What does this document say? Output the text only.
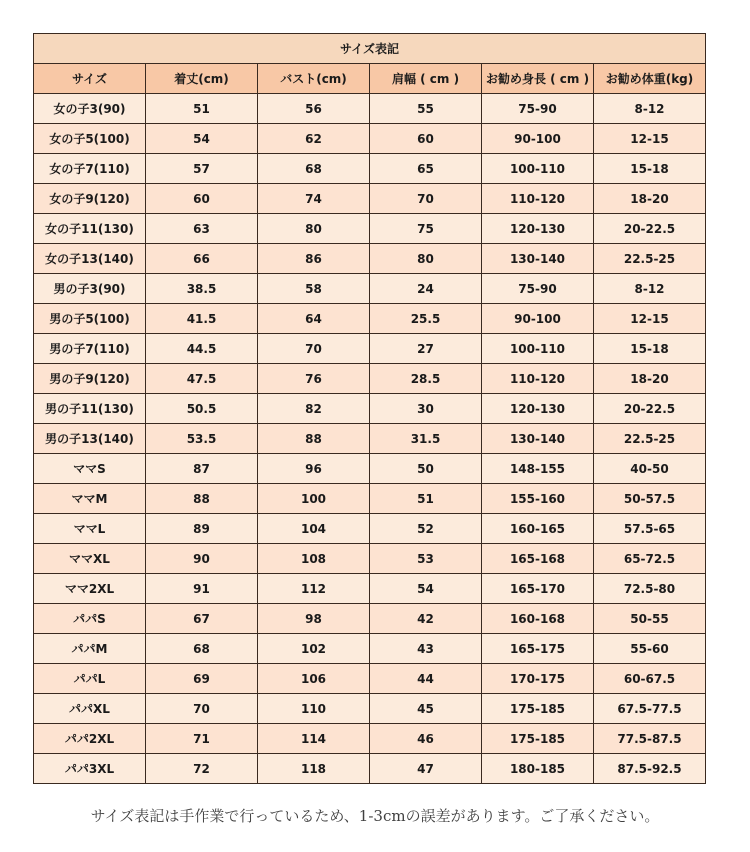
サイズ表記					
サイズ	着丈(cm)	バスト(cm)	肩幅 ( cm )	お勧め身長 ( cm )	お勧め体重(kg)
女の子3(90)	51	56	55	75-90	8-12
女の子5(100)	54	62	60	90-100	12-15
女の子7(110)	57	68	65	100-110	15-18
女の子9(120)	60	74	70	110-120	18-20
女の子11(130)	63	80	75	120-130	20-22.5
女の子13(140)	66	86	80	130-140	22.5-25
男の子3(90)	38.5	58	24	75-90	8-12
男の子5(100)	41.5	64	25.5	90-100	12-15
男の子7(110)	44.5	70	27	100-110	15-18
男の子9(120)	47.5	76	28.5	110-120	18-20
男の子11(130)	50.5	82	30	120-130	20-22.5
男の子13(140)	53.5	88	31.5	130-140	22.5-25
ママS	87	96	50	148-155	40-50
ママM	88	100	51	155-160	50-57.5
ママL	89	104	52	160-165	57.5-65
ママXL	90	108	53	165-168	65-72.5
ママ2XL	91	112	54	165-170	72.5-80
パパS	67	98	42	160-168	50-55
パパM	68	102	43	165-175	55-60
パパL	69	106	44	170-175	60-67.5
パパXL	70	110	45	175-185	67.5-77.5
パパ2XL	71	114	46	175-185	77.5-87.5
パパ3XL	72	118	47	180-185	87.5-92.5
サイズ表記は手作業で行っているため、1-3cmの誤差があります。ご了承ください。
